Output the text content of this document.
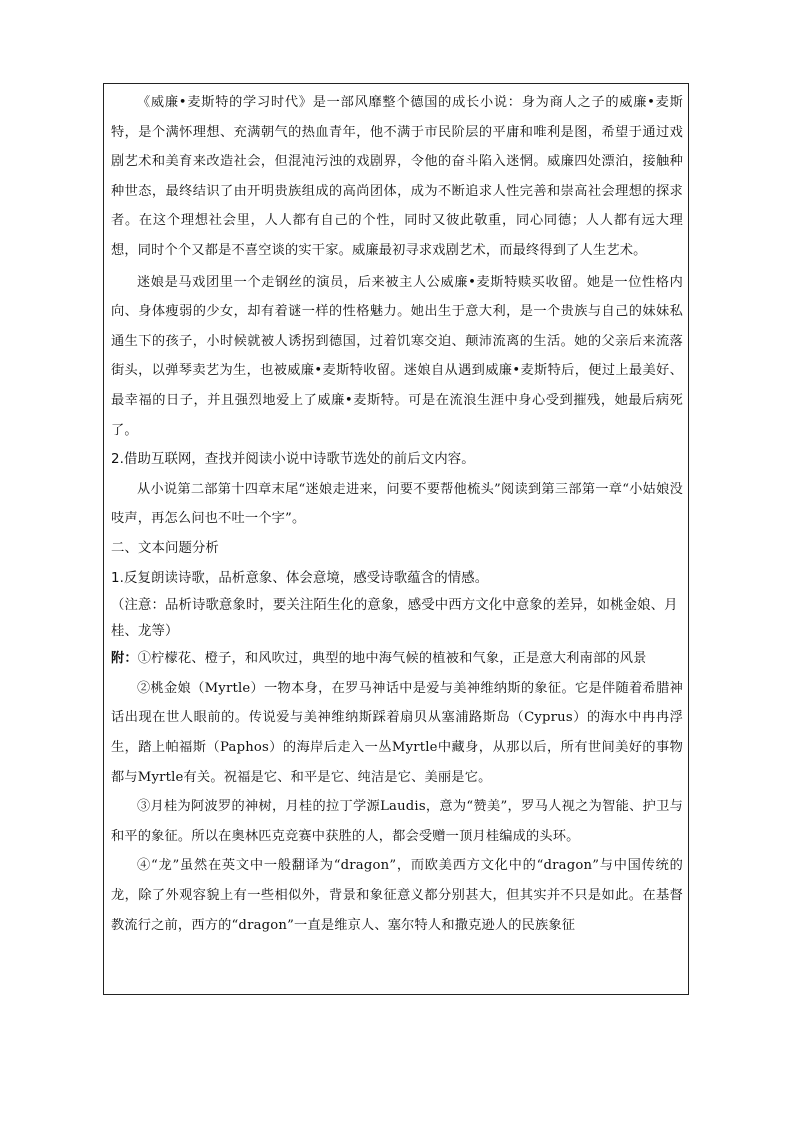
《威廉•麦斯特的学习时代》是一部风靡整个德国的成长小说：身为商人之子的威廉•麦斯特，是个满怀理想、充满朝气的热血青年，他不满于市民阶层的平庸和唯利是图，希望于通过戏剧艺术和美育来改造社会，但混沌污浊的戏剧界，令他的奋斗陷入迷惘。威廉四处漂泊，接触种种世态，最终结识了由开明贵族组成的高尚团体，成为不断追求人性完善和崇高社会理想的探求者。在这个理想社会里，人人都有自己的个性，同时又彼此敬重，同心同德；人人都有远大理想，同时个个又都是不喜空谈的实干家。威廉最初寻求戏剧艺术，而最终得到了人生艺术。

迷娘是马戏团里一个走钢丝的演员，后来被主人公威廉•麦斯特赎买收留。她是一位性格内向、身体瘦弱的少女，却有着谜一样的性格魅力。她出生于意大利，是一个贵族与自己的妹妹私通生下的孩子，小时候就被人诱拐到德国，过着饥寒交迫、颠沛流离的生活。她的父亲后来流落街头，以弹琴卖艺为生，也被威廉•麦斯特收留。迷娘自从遇到威廉•麦斯特后，便过上最美好、最幸福的日子，并且强烈地爱上了威廉•麦斯特。可是在流浪生涯中身心受到摧残，她最后病死了。

2.借助互联网，查找并阅读小说中诗歌节选处的前后文内容。

从小说第二部第十四章末尾“迷娘走进来，问要不要帮他梳头”阅读到第三部第一章“小姑娘没吱声，再怎么问也不吐一个字”。

二、文本问题分析

1.反复朗读诗歌，品析意象、体会意境，感受诗歌蕴含的情感。

（注意：品析诗歌意象时，要关注陌生化的意象，感受中西方文化中意象的差异，如桃金娘、月桂、龙等）

附：①柠檬花、橙子，和风吹过，典型的地中海气候的植被和气象，正是意大利南部的风景

②桃金娘（Myrtle）一物本身，在罗马神话中是爱与美神维纳斯的象征。它是伴随着希腊神话出现在世人眼前的。传说爱与美神维纳斯踩着扇贝从塞浦路斯岛（Cyprus）的海水中冉冉浮生，踏上帕福斯（Paphos）的海岸后走入一丛Myrtle中藏身，从那以后，所有世间美好的事物都与Myrtle有关。祝福是它、和平是它、纯洁是它、美丽是它。

③月桂为阿波罗的神树，月桂的拉丁学源Laudis，意为“赞美”，罗马人视之为智能、护卫与和平的象征。所以在奥林匹克竞赛中获胜的人，都会受赠一顶月桂编成的头环。

④“龙”虽然在英文中一般翻译为“dragon”，而欧美西方文化中的“dragon”与中国传统的龙，除了外观容貌上有一些相似外，背景和象征意义都分别甚大，但其实并不只是如此。在基督教流行之前，西方的“dragon”一直是维京人、塞尔特人和撒克逊人的民族象征
